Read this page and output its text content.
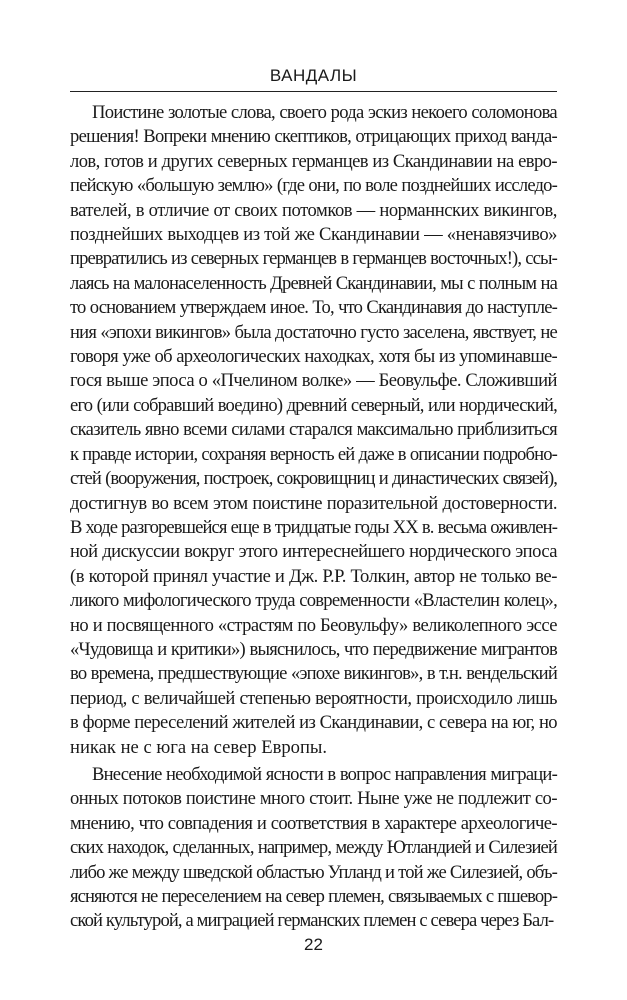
ВАНДАЛЫ

Поистине золотые слова, своего рода эскиз некоего соломонова
решения! Вопреки мнению скептиков, отрицающих приход ванда-
лов, готов и других северных германцев из Скандинавии на евро-
пейскую «большую землю» (где они, по воле позднейших исследо-
вателей, в отличие от своих потомков — норманнских викингов,
позднейших выходцев из той же Скандинавии — «ненавязчиво»
превратились из северных германцев в германцев восточных!), ссы-
лаясь на малонаселенность Древней Скандинавии, мы с полным на
то основанием утверждаем иное. То, что Скандинавия до наступле-
ния «эпохи викингов» была достаточно густо заселена, явствует, не
говоря уже об археологических находках, хотя бы из упоминавше-
гося выше эпоса о «Пчелином волке» — Беовульфе. Сложивший
его (или собравший воедино) древний северный, или нордический,
сказитель явно всеми силами старался максимально приблизиться
к правде истории, сохраняя верность ей даже в описании подробно-
стей (вооружения, построек, сокровищниц и династических связей),
достигнув во всем этом поистине поразительной достоверности.
В ходе разгоревшейся еще в тридцатые годы XX в. весьма оживлен-
ной дискуссии вокруг этого интереснейшего нордического эпоса
(в которой принял участие и Дж. Р.Р. Толкин, автор не только ве-
ликого мифологического труда современности «Властелин колец»,
но и посвященного «страстям по Беовульфу» великолепного эссе
«Чудовища и критики») выяснилось, что передвижение мигрантов
во времена, предшествующие «эпохе викингов», в т.н. вендельский
период, с величайшей степенью вероятности, происходило лишь
в форме переселений жителей из Скандинавии, с севера на юг, но
никак не с юга на север Европы.

Внесение необходимой ясности в вопрос направления миграци-
онных потоков поистине много стоит. Ныне уже не подлежит со-
мнению, что совпадения и соответствия в характере археологиче-
ских находок, сделанных, например, между Ютландией и Силезией
либо же между шведской областью Упланд и той же Силезией, объ-
ясняются не переселением на север племен, связываемых с пшевор-
ской культурой, а миграцией германских племен с севера через Бал-

22
